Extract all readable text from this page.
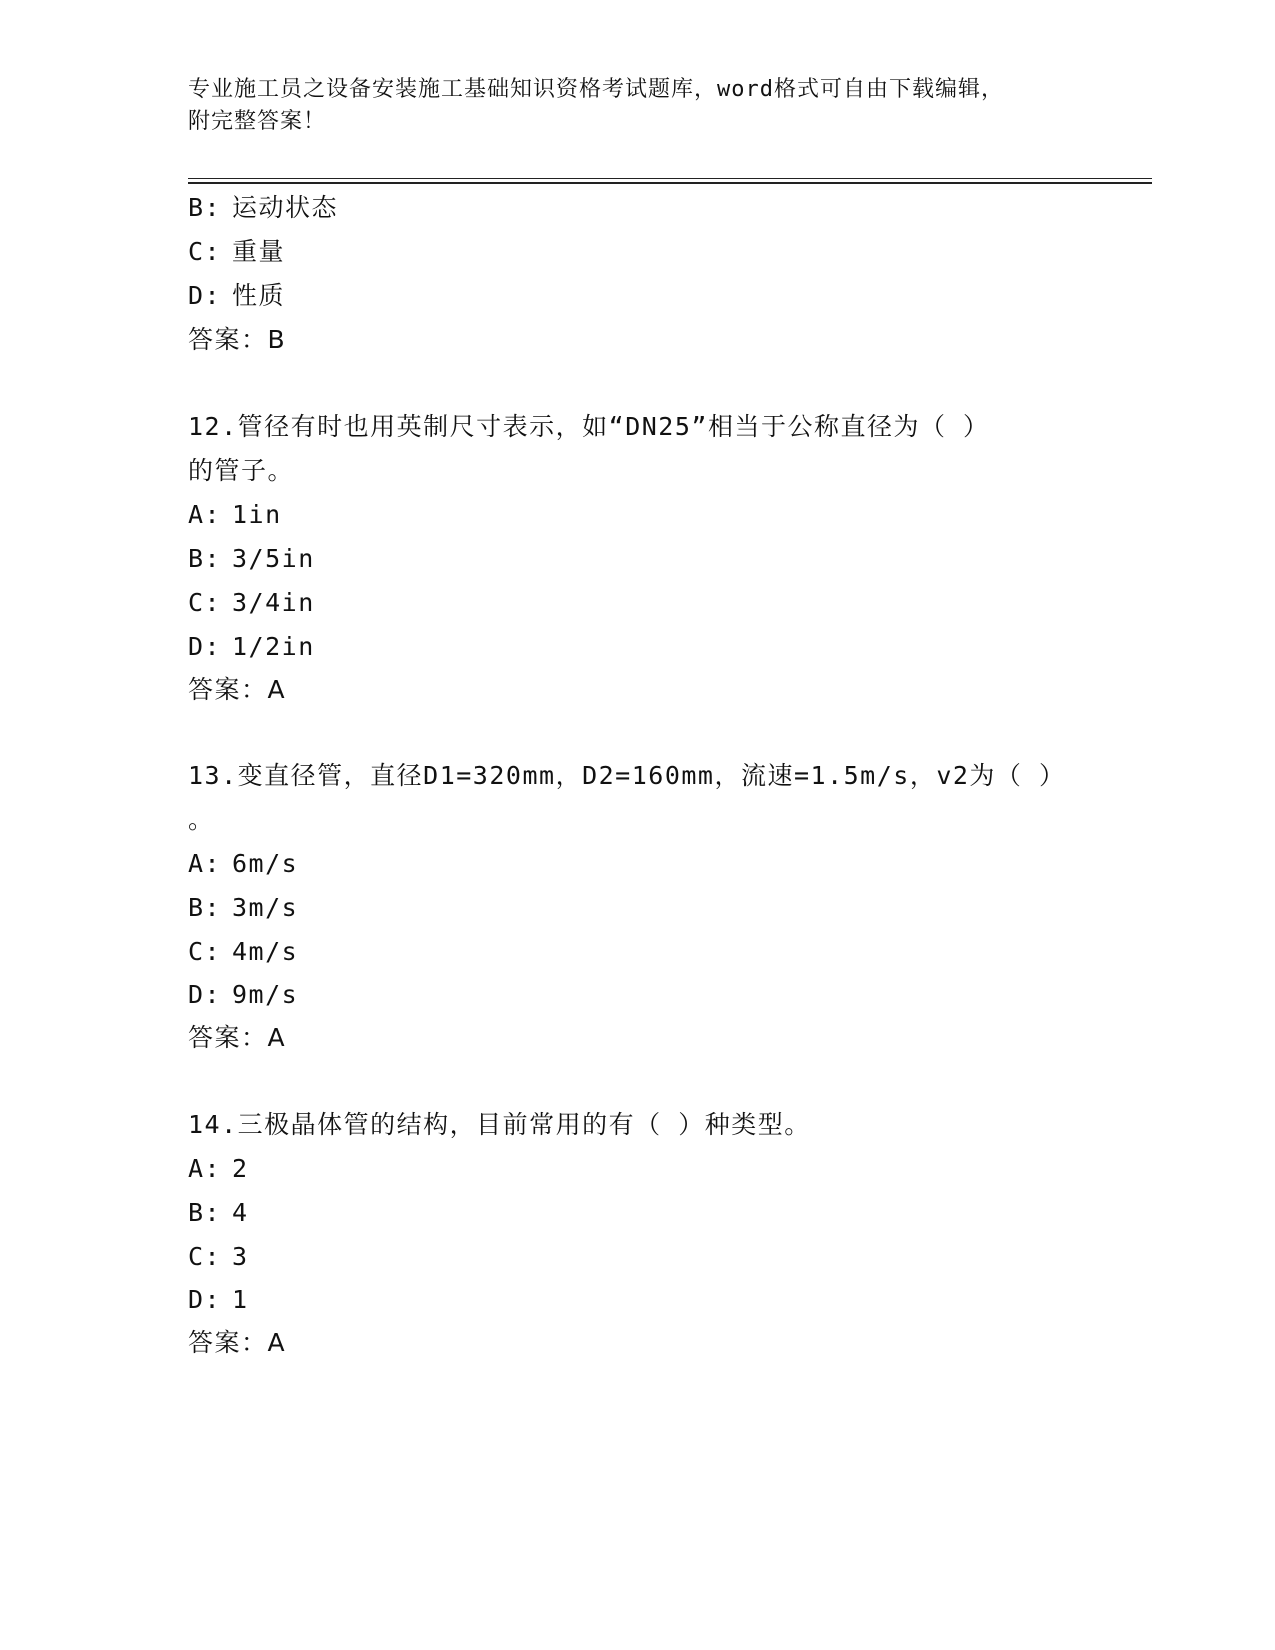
专业施工员之设备安装施工基础知识资格考试题库，word格式可自由下载编辑，
附完整答案！
B: 运动状态
C: 重量
D: 性质
答案：B
12.管径有时也用英制尺寸表示，如“DN25”相当于公称直径为（ ）
的管子。
A: 1in
B: 3/5in
C: 3/4in
D: 1/2in
答案：A
13.变直径管，直径D1=320mm，D2=160mm，流速=1.5m/s，v2为（ ）
。
A: 6m/s
B: 3m/s
C: 4m/s
D: 9m/s
答案：A
14.三极晶体管的结构，目前常用的有（ ）种类型。
A: 2
B: 4
C: 3
D: 1
答案：A
